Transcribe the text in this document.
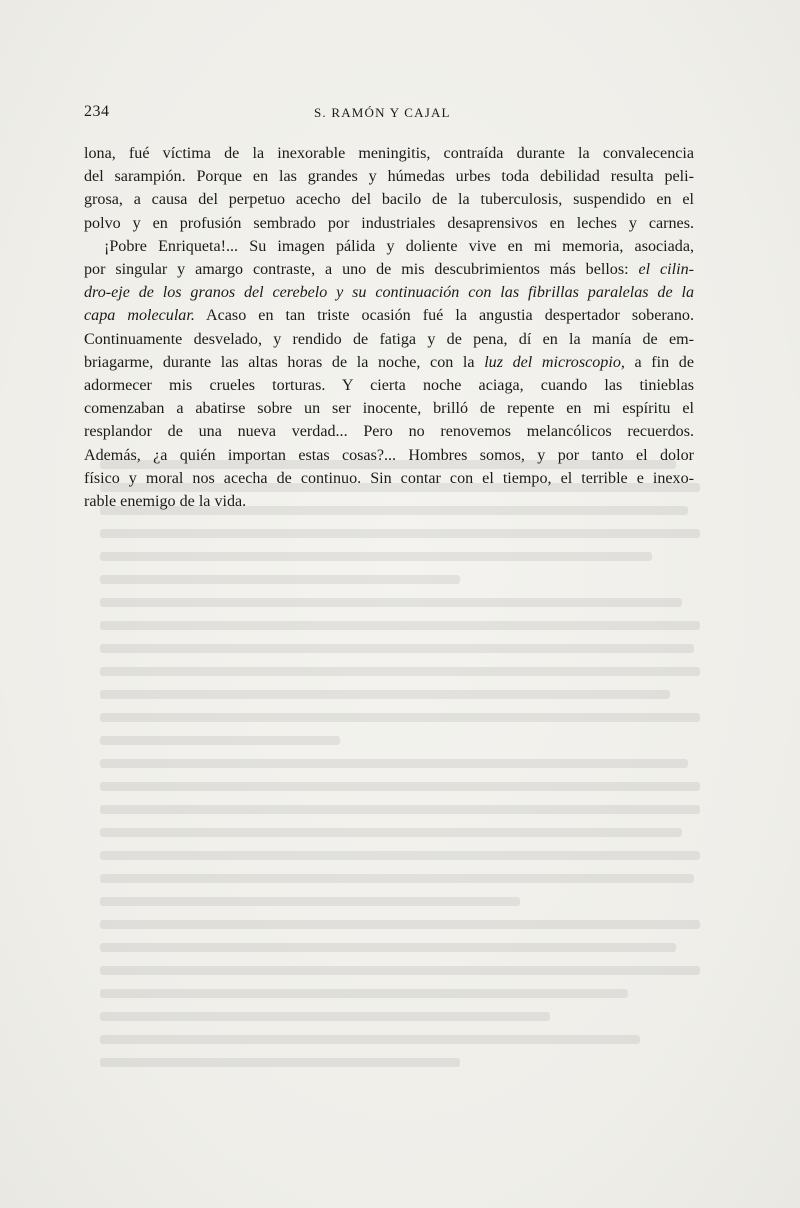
234	S. RAMÓN Y CAJAL
lona, fué víctima de la inexorable meningitis, contraída durante la convalecencia
del sarampión. Porque en las grandes y húmedas urbes toda debilidad resulta peli-
grosa, a causa del perpetuo acecho del bacilo de la tuberculosis, suspendido en el
polvo y en profusión sembrado por industriales desaprensivos en leches y carnes.
¡Pobre Enriqueta!... Su imagen pálida y doliente vive en mi memoria, asociada,
por singular y amargo contraste, a uno de mis descubrimientos más bellos: el cilin-
dro-eje de los granos del cerebelo y su continuación con las fibrillas paralelas de la
capa molecular. Acaso en tan triste ocasión fué la angustia despertador soberano.
Continuamente desvelado, y rendido de fatiga y de pena, dí en la manía de em-
briagarme, durante las altas horas de la noche, con la luz del microscopio, a fin de
adormecer mis crueles torturas. Y cierta noche aciaga, cuando las tinieblas
comenzaban a abatirse sobre un ser inocente, brilló de repente en mi espíritu el
resplandor de una nueva verdad... Pero no renovemos melancólicos recuerdos.
Además, ¿a quién importan estas cosas?... Hombres somos, y por tanto el dolor
físico y moral nos acecha de continuo. Sin contar con el tiempo, el terrible e inexo-
rable enemigo de la vida.
